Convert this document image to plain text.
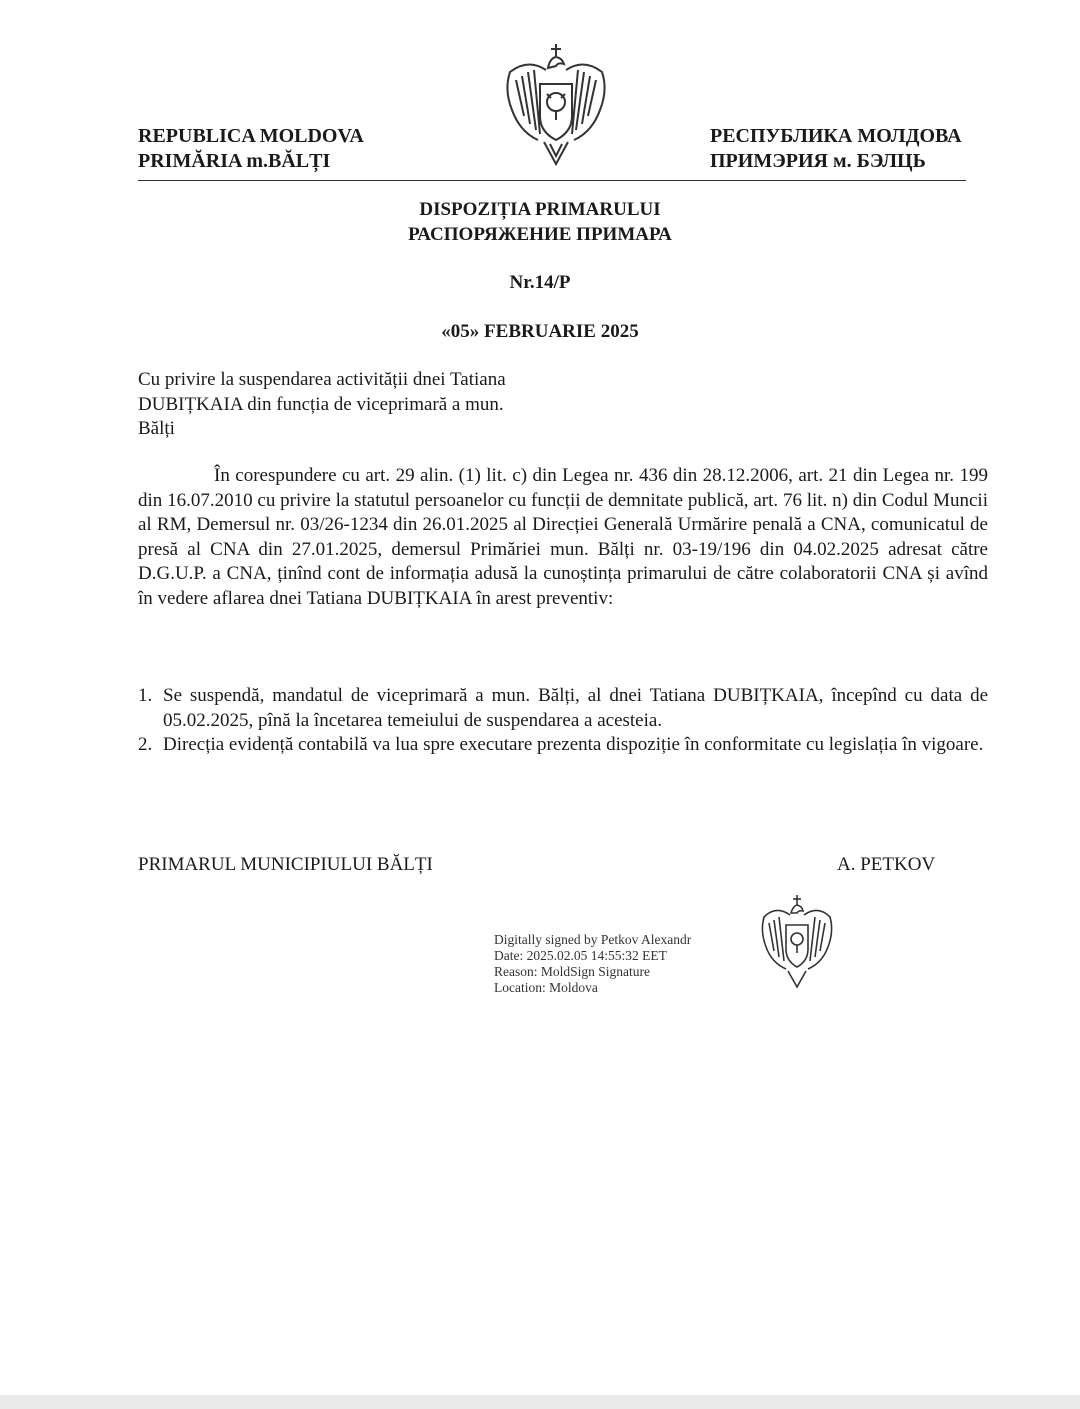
REPUBLICA MOLDOVA
PRIMĂRIA m.BĂLȚI
РЕСПУБЛИКА МОЛДОВА
ПРИМЭРИЯ м. БЭЛЦЬ
DISPOZIȚIA PRIMARULUI
РАСПОРЯЖЕНИЕ ПРИМАРА
Nr.14/P
«05» FEBRUARIE 2025
Cu privire la suspendarea activității dnei Tatiana DUBIȚKAIA din funcția de viceprimară a mun. Bălți
În corespundere cu art. 29 alin. (1) lit. c) din Legea nr. 436 din 28.12.2006, art. 21 din Legea nr. 199 din 16.07.2010 cu privire la statutul persoanelor cu funcții de demnitate publică, art. 76 lit. n) din Codul Muncii al RM, Demersul nr. 03/26-1234 din 26.01.2025 al Direcției Generală Urmărire penală a CNA, comunicatul de presă al CNA din 27.01.2025, demersul Primăriei mun. Bălți nr. 03-19/196 din 04.02.2025 adresat către D.G.U.P. a CNA, ținînd cont de informația adusă la cunoștința primarului de către colaboratorii CNA și avînd în vedere aflarea dnei Tatiana DUBIȚKAIA în arest preventiv:
1. Se suspendă, mandatul de viceprimară a mun. Bălți, al dnei Tatiana DUBIȚKAIA, începînd cu data de 05.02.2025, pînă la încetarea temeiului de suspendarea a acesteia.
2. Direcția evidență contabilă va lua spre executare prezenta dispoziție în conformitate cu legislația în vigoare.
PRIMARUL MUNICIPIULUI BĂLȚI	A. PETKOV
Digitally signed by Petkov Alexandr
Date: 2025.02.05 14:55:32 EET
Reason: MoldSign Signature
Location: Moldova
